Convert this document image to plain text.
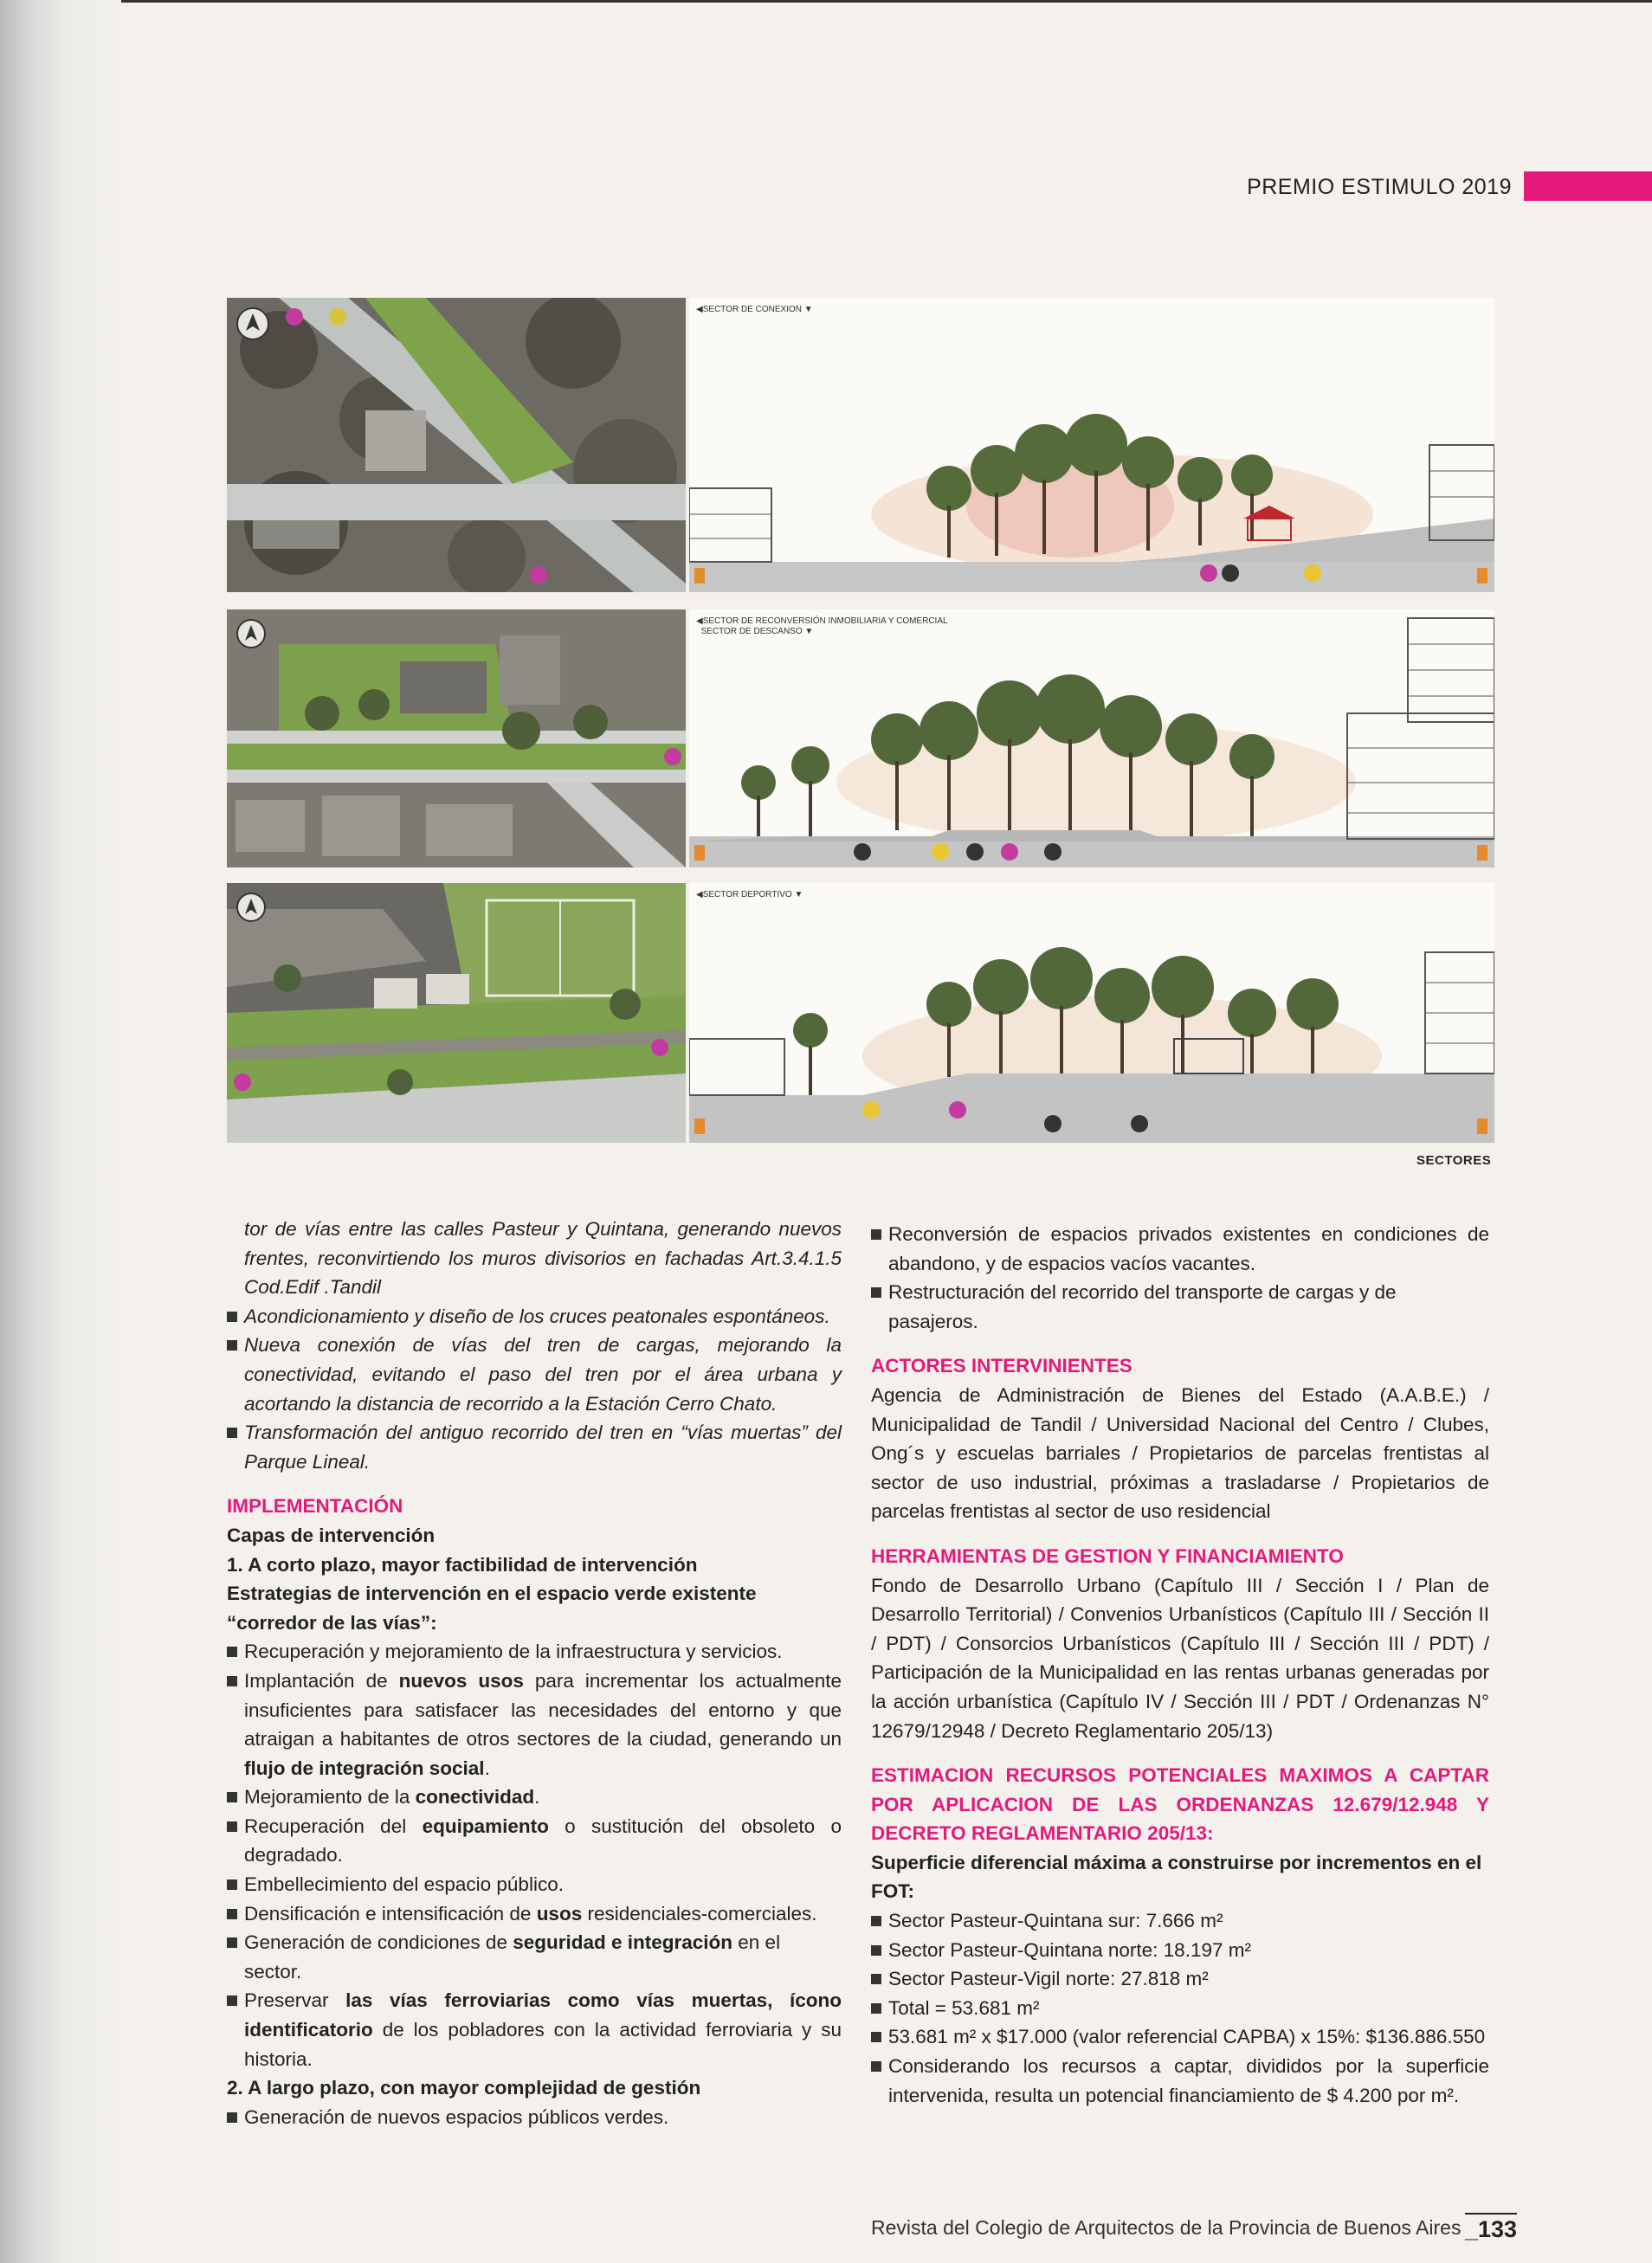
PREMIO ESTIMULO 2019
◀SECTOR DE CONEXION ▼
◀SECTOR DE RECONVERSIÓN INMOBILIARIA Y COMERCIAL
SECTOR DE DESCANSO ▼
◀SECTOR DEPORTIVO ▼
SECTORES

tor de vías entre las calles Pasteur y Quintana, generando nuevos frentes, reconvirtiendo los muros divisorios en fachadas Art.3.4.1.5 Cod.Edif .Tandil

Acondicionamiento y diseño de los cruces peatonales espontáneos.

Nueva conexión de vías del tren de cargas, mejorando la conectividad, evitando el paso del tren por el área urbana y acortando la distancia de recorrido a la Estación Cerro Chato.

Transformación del antiguo recorrido del tren en “vías muertas” del Parque Lineal.

IMPLEMENTACIÓN

Capas de intervención

1. A corto plazo, mayor factibilidad de intervención

Estrategias de intervención en el espacio verde existente “corredor de las vías”:

Recuperación y mejoramiento de la infraestructura y servicios.

Implantación de nuevos usos para incrementar los actualmente insuficientes para satisfacer las necesidades del entorno y que atraigan a habitantes de otros sectores de la ciudad, generando un flujo de integración social.

Mejoramiento de la conectividad.

Recuperación del equipamiento o sustitución del obsoleto o degradado.

Embellecimiento del espacio público.

Densificación e intensificación de usos residenciales-comerciales.

Generación de condiciones de seguridad e integración en el sector.

Preservar las vías ferroviarias como vías muertas, ícono identificatorio de los pobladores con la actividad ferroviaria y su historia.

2. A largo plazo, con mayor complejidad de gestión

Generación de nuevos espacios públicos verdes.

Reconversión de espacios privados existentes en condiciones de abandono, y de espacios vacíos vacantes.

Restructuración del recorrido del transporte de cargas y de pasajeros.

ACTORES INTERVINIENTES

Agencia de Administración de Bienes del Estado (A.A.B.E.) / Municipalidad de Tandil / Universidad Nacional del Centro / Clubes, Ong´s y escuelas barriales / Propietarios de parcelas frentistas al sector de uso industrial, próximas a trasladarse / Propietarios de parcelas frentistas al sector de uso residencial

HERRAMIENTAS DE GESTION Y FINANCIAMIENTO

Fondo de Desarrollo Urbano (Capítulo III / Sección I / Plan de Desarrollo Territorial) / Convenios Urbanísticos (Capítulo III / Sección II / PDT) / Consorcios Urbanísticos (Capítulo III / Sección III / PDT) / Participación de la Municipalidad en las rentas urbanas generadas por la acción urbanística (Capítulo IV / Sección III / PDT / Ordenanzas N° 12679/12948 / Decreto Reglamentario 205/13)

ESTIMACION RECURSOS POTENCIALES MAXIMOS A CAPTAR POR APLICACION DE LAS ORDENANZAS 12.679/12.948 Y DECRETO REGLAMENTARIO 205/13:

Superficie diferencial máxima a construirse por incrementos en el FOT:

Sector Pasteur-Quintana sur: 7.666 m²

Sector Pasteur-Quintana norte: 18.197 m²

Sector Pasteur-Vigil norte: 27.818 m²

Total = 53.681 m²

53.681 m² x $17.000 (valor referencial CAPBA) x 15%: $136.886.550

Considerando los recursos a captar, divididos por la superficie intervenida, resulta un potencial financiamiento de $ 4.200 por m².

Revista del Colegio de Arquitectos de la Provincia de Buenos Aires _133
